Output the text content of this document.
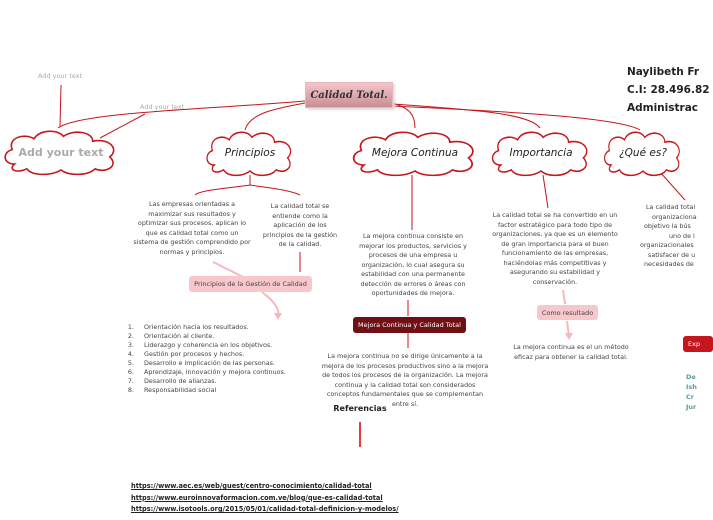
Add your text
Add your text
Calidad Total.
Naylibeth Fr
C.I: 28.496.82
Administrac
Add your text	Principios	Mejora Continua	Importancia	¿Qué es?
Las empresas orientadas a maximizar sus resultados y optimizar sus procesos, aplican lo que es calidad total como un sistema de gestión comprendido por normas y principios.
La calidad total se entiende como la aplicación de los principios de la gestión de la calidad.
Principios de la Gestión de Calidad
1. Orientación hacia los resultados.
2. Orientación al cliente.
3. Liderazgo y coherencia en los objetivos.
4. Gestión por procesos y hechos.
5. Desarrollo e implicación de las personas.
6. Aprendizaje, innovación y mejora continuos.
7. Desarrollo de alianzas.
8. Responsabilidad social
La mejora continua consiste en mejorar los productos, servicios y procesos de una empresa u organización, lo cual asegura su estabilidad con una permanente detección de errores o áreas con oportunidades de mejora.
Mejora Continua y Calidad Total
La mejora continua no se dirige únicamente a la mejora de los procesos productivos sino a la mejora de todos los procesos de la organización. La mejora continua y la calidad total son considerados conceptos fundamentales que se complementan entre sí.
La calidad total se ha convertido en un factor estratégico para todo tipo de organizaciones, ya que es un elemento de gran importancia para el buen funcionamiento de las empresas, haciéndolas más competitivas y asegurando su estabilidad y conservación.
Como resultado
La mejora continua es el un método eficaz para obtener la calidad total.
La calidad total
organizaciona
objetivo la bús
uno de l
organizacionales
satisfacer de u
necesidades de
Exp
De
Ish
Cr
Jur
Referencias
https://www.aec.es/web/guest/centro-conocimiento/calidad-total
https://www.euroinnovaformacion.com.ve/blog/que-es-calidad-total
https://www.isotools.org/2015/05/01/calidad-total-definicion-y-modelos/
